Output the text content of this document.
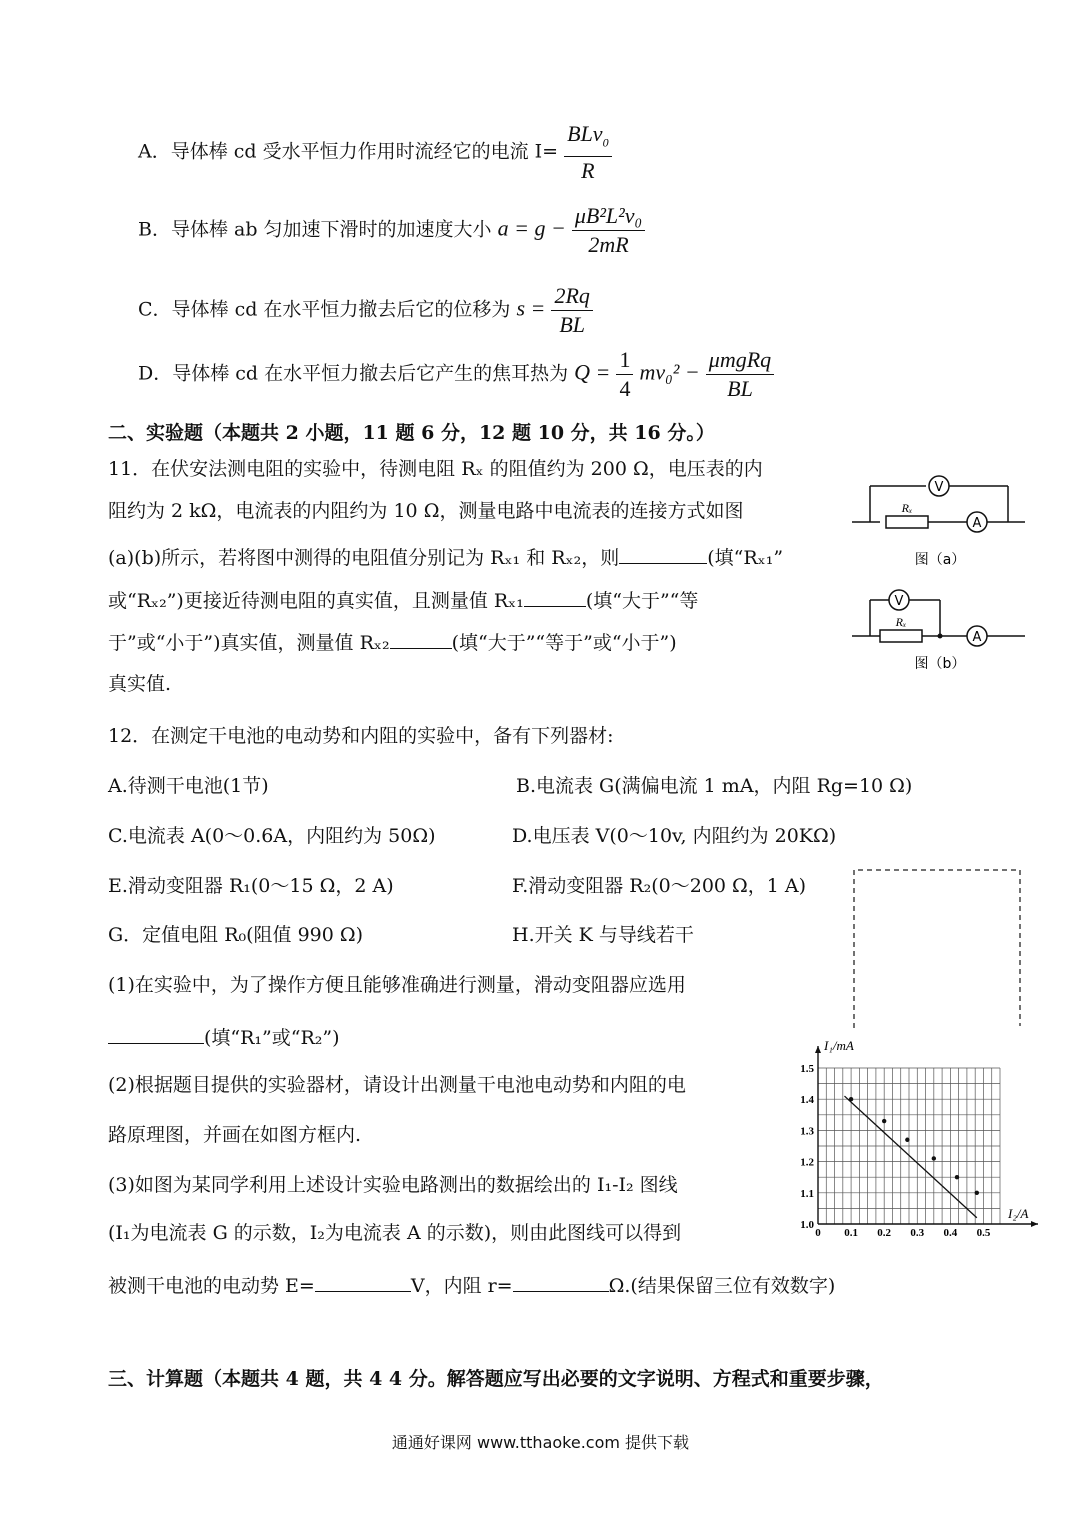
A．导体棒 cd 受水平恒力作用时流经它的电流 $I= \frac{BLv_0}{R}$
B．导体棒 ab 匀加速下滑时的加速度大小 $a = g - \frac{\text{μB²L²v₀}}{2mR}$
C．导体棒 cd 在水平恒力撤去后它的位移为 $s = \frac{2Rq}{BL}$
D．导体棒 cd 在水平恒力撤去后它产生的焦耳热为 $Q = \frac{1}{4} mv_0^2 - \frac{\text{μmgRq}}{BL}$
二、实验题（本题共 2 小题，11 题 6 分，12 题 10 分，共 16 分。）
11．在伏安法测电阻的实验中，待测电阻 Rₓ 的阻值约为 200 Ω，电压表的内
阻约为 2 kΩ，电流表的内阻约为 10 Ω，测量电路中电流表的连接方式如图
(a)(b)所示，若将图中测得的电阻值分别记为 Rₓ₁ 和 Rₓ₂，则	(填“Rₓ₁”
或“Rₓ₂”)更接近待测电阻的真实值，且测量值 Rₓ₁	(填“大于”“等
于”或“小于”)真实值，测量值 Rₓ₂	(填“大于”“等于”或“小于”)
真实值.
V
A
Rₓ
图（a）
V
A
Rₓ
图（b）
12．在测定干电池的电动势和内阻的实验中，备有下列器材:
A.待测干电池(1节)	B.电流表 G(满偏电流 1 mA，内阻 Rg=10 Ω)
C.电流表 A(0～0.6A，内阻约为 50Ω)	D.电压表 V(0～10v, 内阻约为 20KΩ)
E.滑动变阻器 R₁(0～15 Ω，2 A)	F.滑动变阻器 R₂(0～200 Ω，1 A)
G．定值电阻 R₀(阻值 990 Ω)	H.开关 K 与导线若干
(1)在实验中，为了操作方便且能够准确进行测量，滑动变阻器应选用
(填“R₁”或“R₂”)
(2)根据题目提供的实验器材，请设计出测量干电池电动势和内阻的电
路原理图，并画在如图方框内.
(3)如图为某同学利用上述设计实验电路测出的数据绘出的 I₁-I₂ 图线
(I₁为电流表 G 的示数，I₂为电流表 A 的示数)，则由此图线可以得到
被测干电池的电动势 E=	V，内阻 r=	Ω.(结果保留三位有效数字)
0 0.1 0.2 0.3 0.4 0.5
1.0
1.1
1.2
1.3
1.4
1.5
I₁/mA
I₂/A
三、计算题（本题共 4 题，共 4 4 分。解答题应写出必要的文字说明、方程式和重要步骤，
通通好课网 www.tthaoke.com 提供下载
